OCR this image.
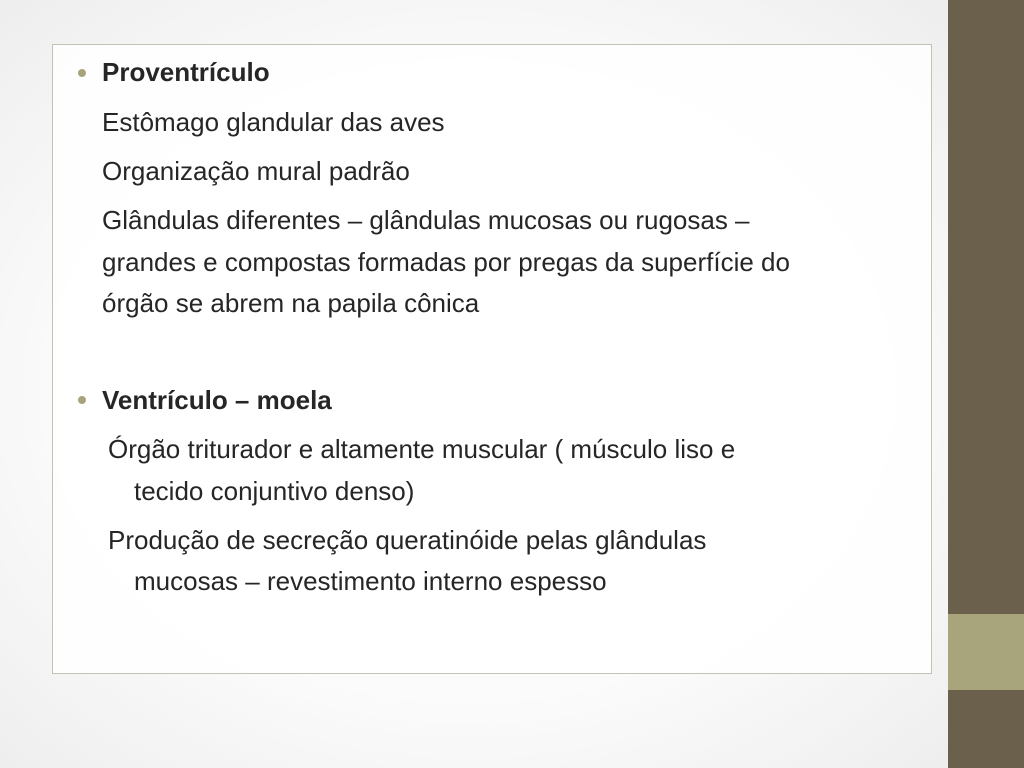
Proventrículo
Estômago glandular das aves
Organização mural padrão
Glândulas diferentes – glândulas mucosas ou rugosas –
grandes e compostas formadas por pregas da superfície do
órgão se abrem na papila cônica
Ventrículo – moela
Órgão triturador e altamente muscular ( músculo liso e
tecido conjuntivo denso)
Produção de secreção queratinóide pelas glândulas
mucosas – revestimento interno espesso
